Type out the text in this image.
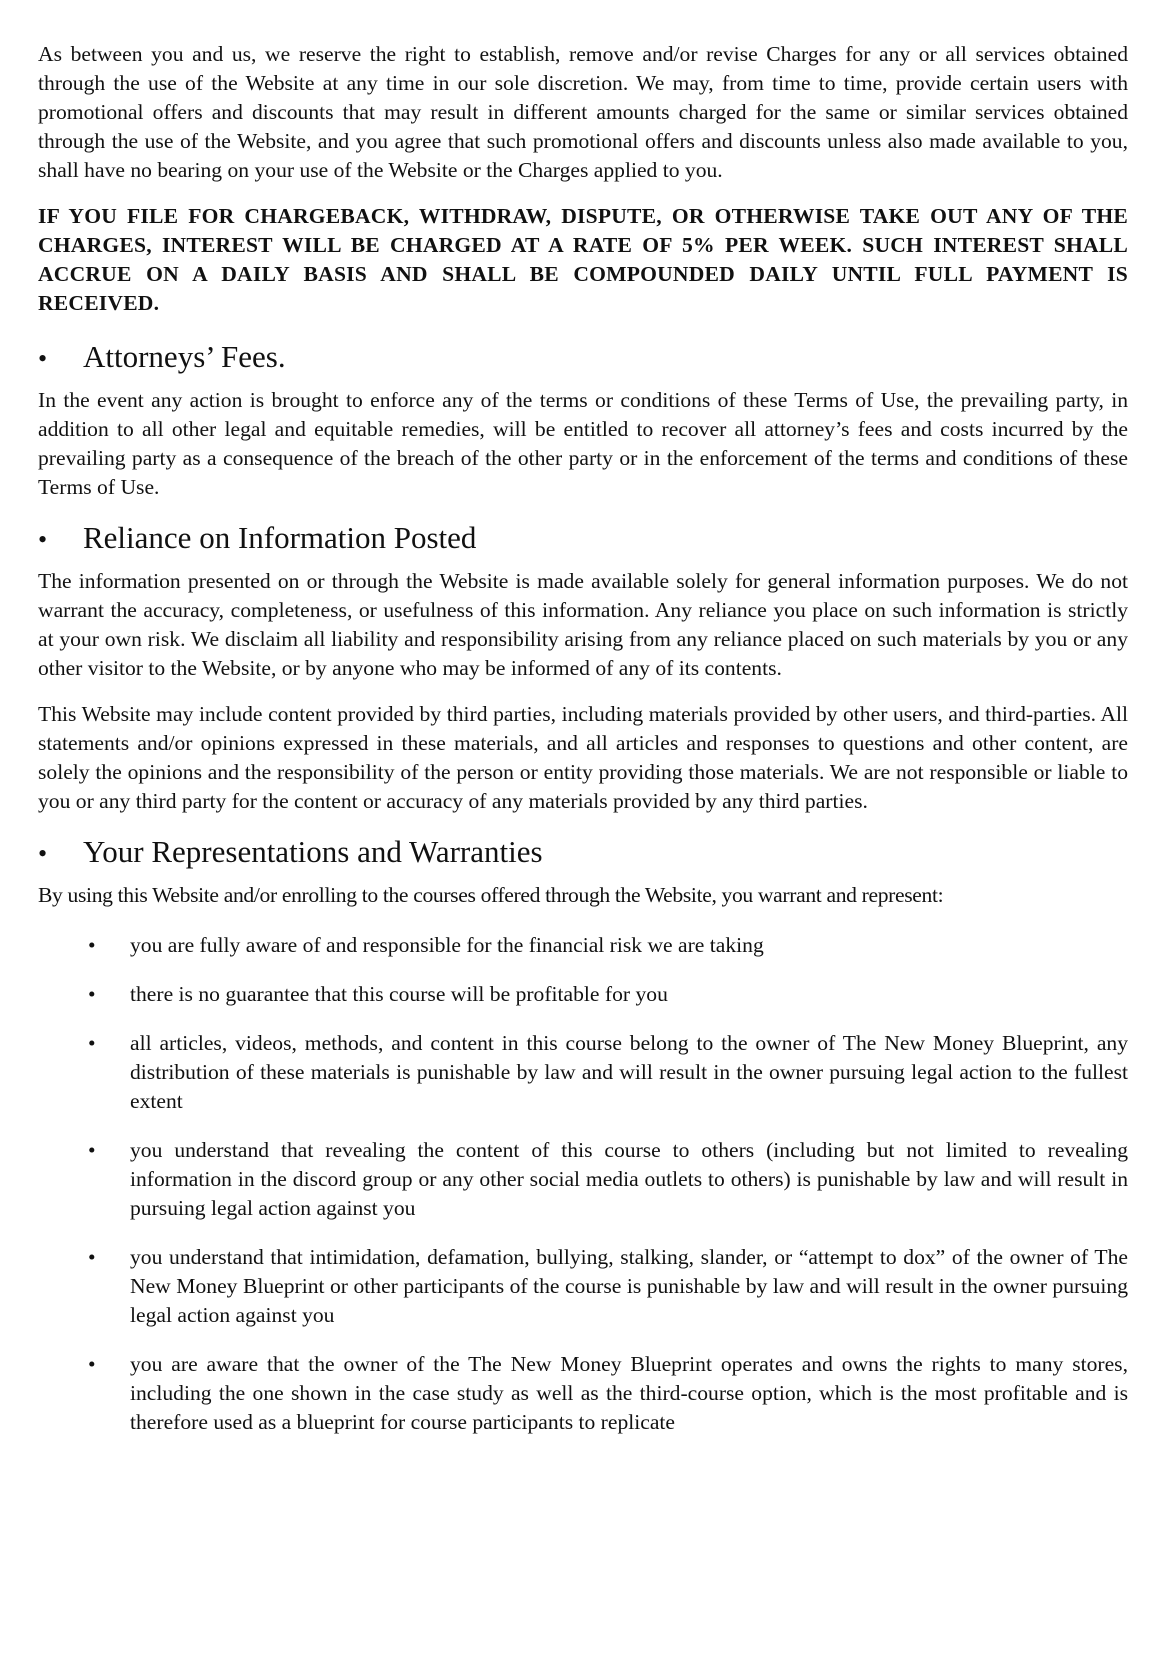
As between you and us, we reserve the right to establish, remove and/or revise Charges for any or all services obtained through the use of the Website at any time in our sole discretion. We may, from time to time, provide certain users with promotional offers and discounts that may result in different amounts charged for the same or similar services obtained through the use of the Website, and you agree that such promotional offers and discounts unless also made available to you, shall have no bearing on your use of the Website or the Charges applied to you.

IF YOU FILE FOR CHARGEBACK, WITHDRAW, DISPUTE, OR OTHERWISE TAKE OUT ANY OF THE CHARGES, INTEREST WILL BE CHARGED AT A RATE OF 5% PER WEEK. SUCH INTEREST SHALL ACCRUE ON A DAILY BASIS AND SHALL BE COMPOUNDED DAILY UNTIL FULL PAYMENT IS RECEIVED.

•	Attorneys’ Fees.

In the event any action is brought to enforce any of the terms or conditions of these Terms of Use, the prevailing party, in addition to all other legal and equitable remedies, will be entitled to recover all attorney’s fees and costs incurred by the prevailing party as a consequence of the breach of the other party or in the enforcement of the terms and conditions of these Terms of Use.

•	Reliance on Information Posted

The information presented on or through the Website is made available solely for general information purposes. We do not warrant the accuracy, completeness, or usefulness of this information. Any reliance you place on such information is strictly at your own risk. We disclaim all liability and responsibility arising from any reliance placed on such materials by you or any other visitor to the Website, or by anyone who may be informed of any of its contents.

This Website may include content provided by third parties, including materials provided by other users, and third-parties. All statements and/or opinions expressed in these materials, and all articles and responses to questions and other content, are solely the opinions and the responsibility of the person or entity providing those materials. We are not responsible or liable to you or any third party for the content or accuracy of any materials provided by any third parties.

•	Your Representations and Warranties
By using this Website and/or enrolling to the courses offered through the Website, you warrant and represent:
•	you are fully aware of and responsible for the financial risk we are taking
•	there is no guarantee that this course will be profitable for you
•	all articles, videos, methods, and content in this course belong to the owner of The New Money Blueprint, any distribution of these materials is punishable by law and will result in the owner pursuing legal action to the fullest extent
•	you understand that revealing the content of this course to others (including but not limited to revealing information in the discord group or any other social media outlets to others) is punishable by law and will result in pursuing legal action against you
•	you understand that intimidation, defamation, bullying, stalking, slander, or “attempt to dox” of the owner of The New Money Blueprint or other participants of the course is punishable by law and will result in the owner pursuing legal action against you
•	you are aware that the owner of the The New Money Blueprint operates and owns the rights to many stores, including the one shown in the case study as well as the third-course option, which is the most profitable and is therefore used as a blueprint for course participants to replicate
